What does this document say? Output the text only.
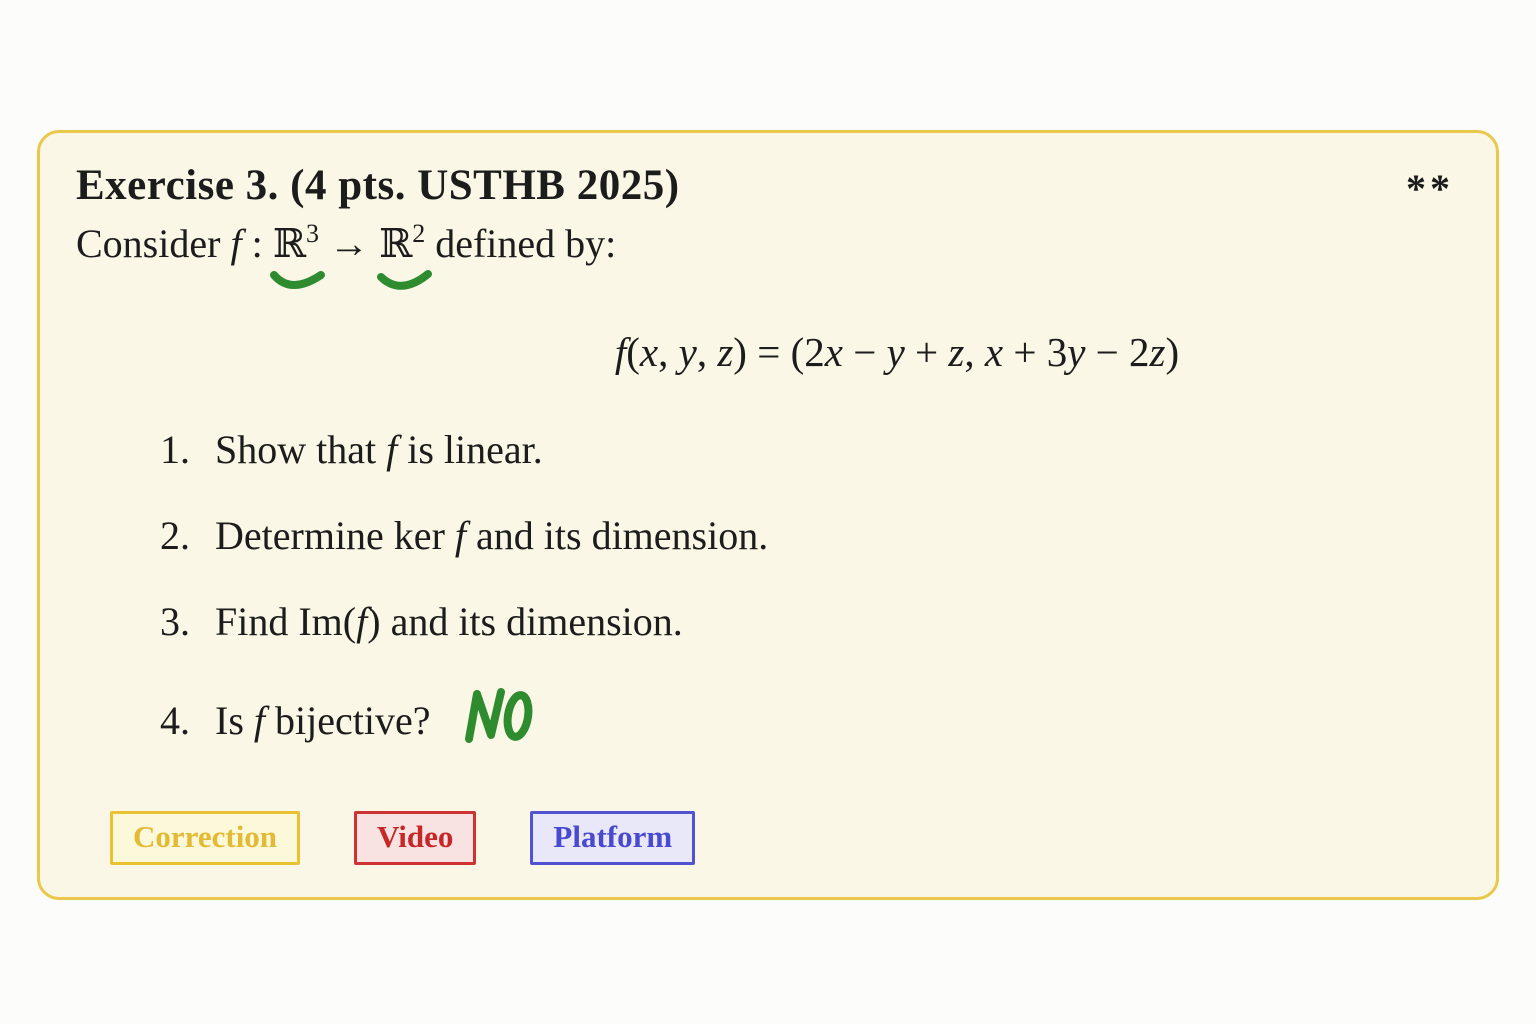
Exercise 3. (4 pts. USTHB 2025)	**
Consider f : ℝ$^3$
→ ℝ$^2$
defined by:
f(x, y, z) = (2x − y + z, x + 3y − 2z)
1. Show that f is linear.
2. Determine ker f and its dimension.
3. Find Im(f) and its dimension.
4. Is f bijective?
Correction	Video	Platform
